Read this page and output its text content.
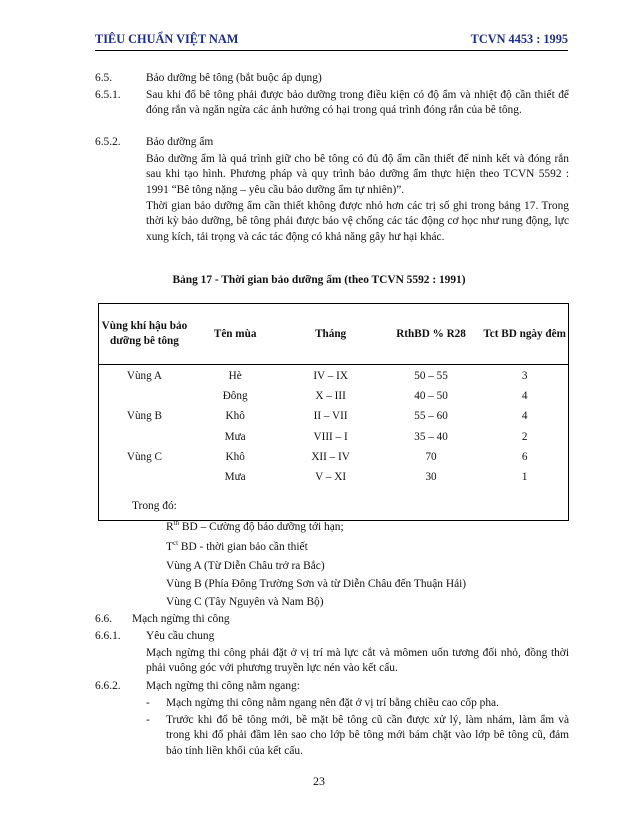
TIÊU CHUẨN VIỆT NAM	TCVN 4453 : 1995
6.5.	Bảo dưỡng bê tông (bắt buộc áp dụng)
6.5.1. Sau khi đổ bê tông phải được bảo dưỡng trong điều kiện có độ ẩm và nhiệt độ cần thiết để đóng rắn và ngăn ngừa các ảnh hưởng có hại trong quá trình đóng rắn của bê tông.
6.5.2. Bảo dưỡng ẩm
Bảo dưỡng ẩm là quá trình giữ cho bê tông có đủ độ ẩm cần thiết để ninh kết và đóng rắn sau khi tạo hình. Phương pháp và quy trình bảo dưỡng ẩm thực hiện theo TCVN 5592 : 1991 “Bê tông nặng – yêu cầu bảo dưỡng ẩm tự nhiên)”.
Thời gian bảo dưỡng ẩm cần thiết không được nhỏ hơn các trị số ghi trong bảng 17. Trong thời kỳ bảo dưỡng, bê tông phải được bảo vệ chống các tác động cơ học như rung động, lực xung kích, tải trọng và các tác động có khả năng gây hư hại khác.
Bảng 17 - Thời gian bảo dưỡng ẩm (theo TCVN 5592 : 1991)
Vùng khí hậu bảo dưỡng bê tông	Tên mùa	Tháng	RthBD % R28	Tct BD ngày đêm
Vùng A	Hè	IV – IX	50 – 55	3
	Đông	X – III	40 – 50	4
Vùng B	Khô	II – VII	55 – 60	4
	Mưa	VIII – I	35 – 40	2
Vùng C	Khô	XII – IV	70	6
	Mưa	V – XI	30	1

Trong đó:
$R^{th}$ BD – Cường độ bảo dưỡng tới hạn;
$T^{ct}$ BD - thời gian bảo cần thiết
Vùng A (Từ Diễn Châu trở ra Bắc)
Vùng B (Phía Đông Trường Sơn và từ Diễn Châu đến Thuận Hải)
Vùng C (Tây Nguyên và Nam Bộ)
6.6. Mạch ngừng thi công
6.6.1. Yêu cầu chung
Mạch ngừng thi công phải đặt ở vị trí mà lực cắt và mômen uốn tương đối nhỏ, đồng thời phải vuông góc với phương truyền lực nén vào kết cấu.
6.6.2. Mạch ngừng thi công nằm ngang:
- Mạch ngừng thi công nằm ngang nên đặt ở vị trí bằng chiều cao cốp pha.
- Trước khi đổ bê tông mới, bề mặt bê tông cũ cần được xử lý, làm nhám, làm ẩm và trong khi đổ phải đầm lên sao cho lớp bê tông mới bám chặt vào lớp bê tông cũ, đảm bảo tính liền khối của kết cấu.
23
